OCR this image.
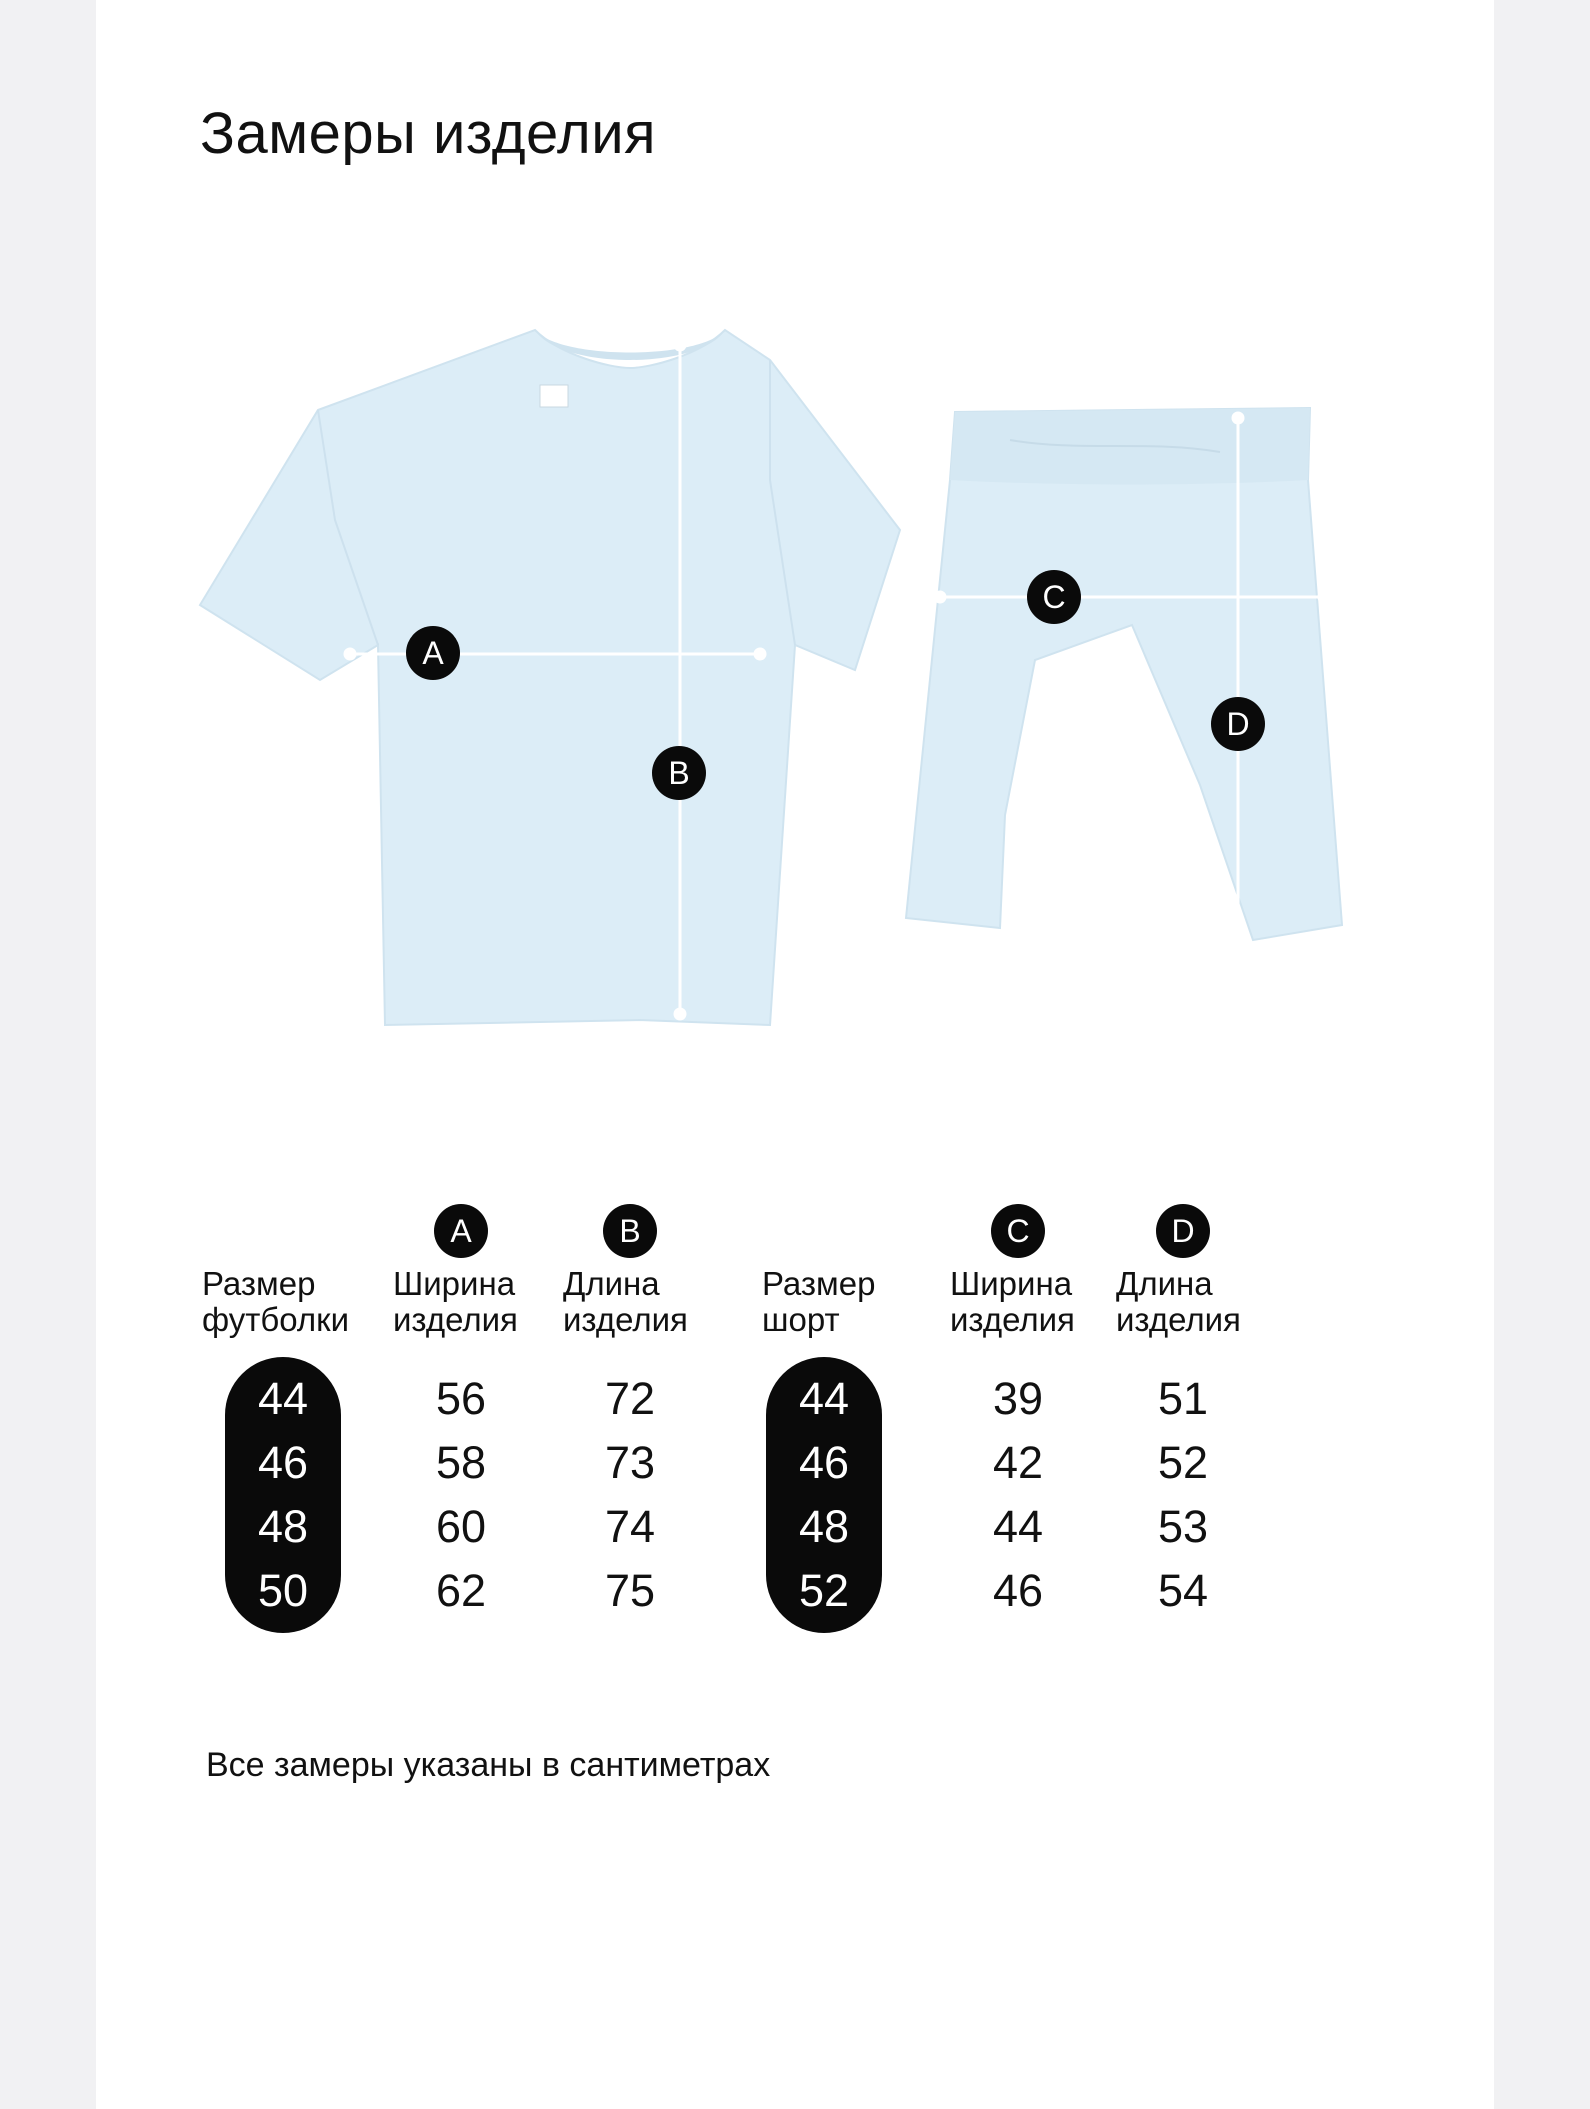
Замеры изделия
A
B
C
D
Размер
футболки
A
Ширина
изделия
B
Длина
изделия
44
46
48
50
56
58
60
62
72
73
74
75
Размер
шорт
C
Ширина
изделия
D
Длина
изделия
44
46
48
52
39
42
44
46
51
52
53
54
Все замеры указаны в сантиметрах
